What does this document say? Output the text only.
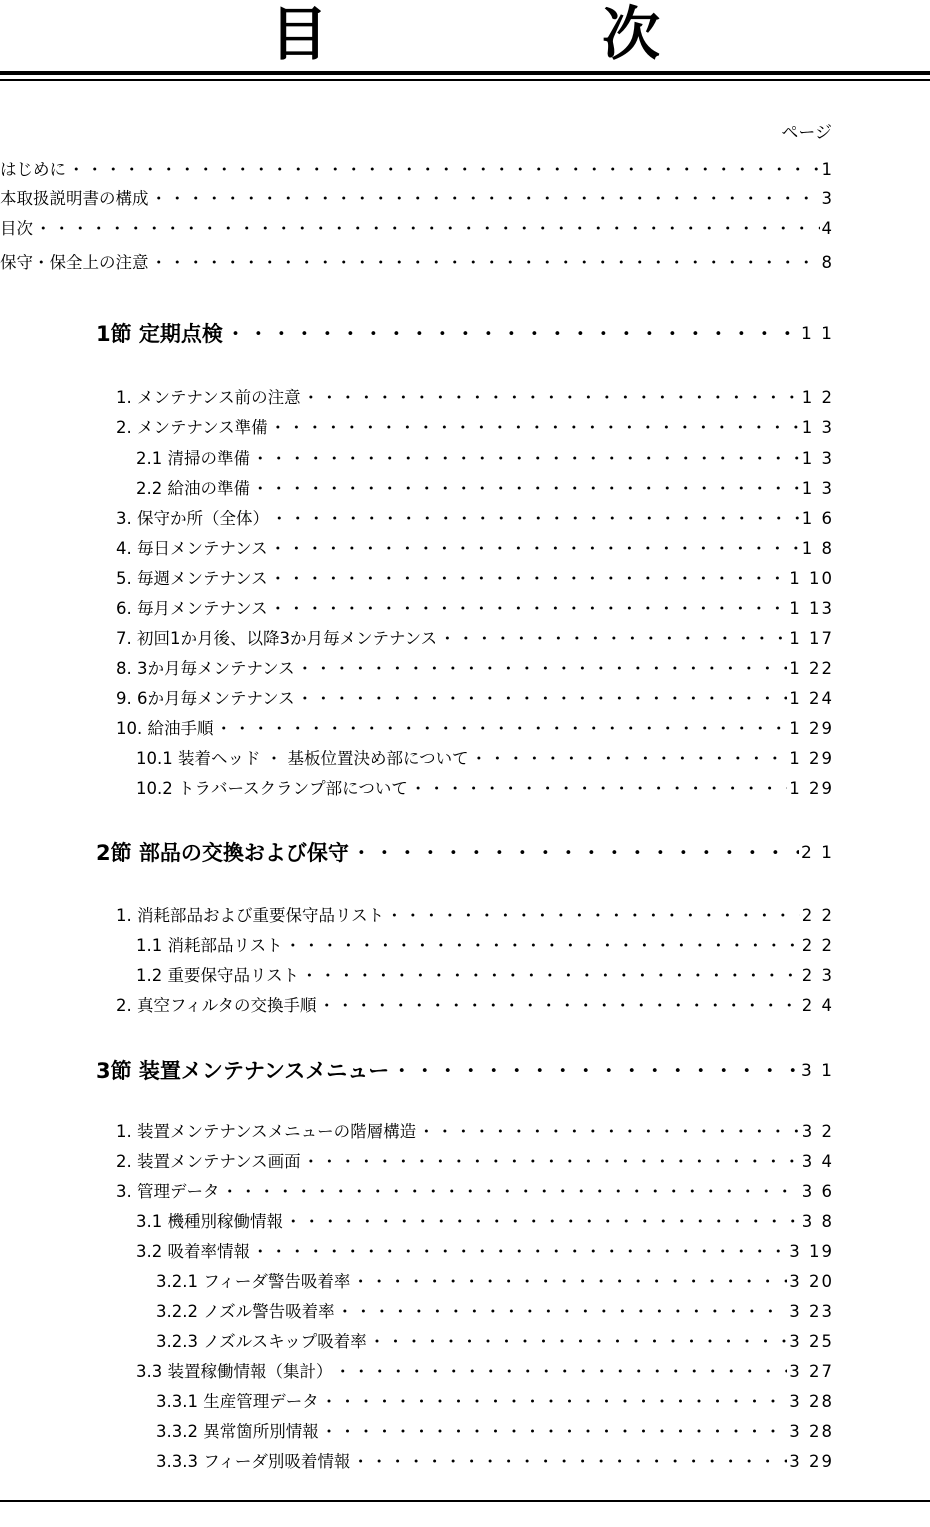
目　次
ページ
はじめに ・・・・・・・・・・・・・・・・・・・・・・・・・・・・・・・・・・・・・・・・・・・・・・・・・・・・・・・・・・・・・・・・・・・・・・・・・・・・・・・・・・・・・・・・・・・・・・・・・・・・・・・・・・・・・・・・・・・・・・・・・・・・・・	1
本取扱説明書の構成 ・・・・・・・・・・・・・・・・・・・・・・・・・・・・・・・・・・・・・・・・・・・・・・・・・・・・・・・・・・・・・・・・・・・・・・・・・・・・・・・・・・・・・・・・・・・・・・・・・・・・・・・・・・・・・・・・・・・・・・・・・・・・・・	3
目次 ・・・・・・・・・・・・・・・・・・・・・・・・・・・・・・・・・・・・・・・・・・・・・・・・・・・・・・・・・・・・・・・・・・・・・・・・・・・・・・・・・・・・・・・・・・・・・・・・・・・・・・・・・・・・・・・・・・・・・・・・・・・・・・	4
保守・保全上の注意 ・・・・・・・・・・・・・・・・・・・・・・・・・・・・・・・・・・・・・・・・・・・・・・・・・・・・・・・・・・・・・・・・・・・・・・・・・・・・・・・・・・・・・・・・・・・・・・・・・・・・・・・・・・・・・・・・・・・・・・・・・・・・・・	8
1節 定期点検 ・・・・・・・・・・・・・・・・・・・・・・・・・・・・・・・・・・・・・・・・・・・・・・・・・・・・・・・・・・・・・・・・・・・・・・・・・・・・・・・・・・・・・・・・・・・・・・・・・・・・・・・・・・・・・・・・・・・・・・・・・・・・・・	1 1
1. メンテナンス前の注意 ・・・・・・・・・・・・・・・・・・・・・・・・・・・・・・・・・・・・・・・・・・・・・・・・・・・・・・・・・・・・・・・・・・・・・・・・・・・・・・・・・・・・・・・・・・・・・・・・・・・・・・・・・・・・・・・・・・・・・・・・・・・・・・	1 2
2. メンテナンス準備 ・・・・・・・・・・・・・・・・・・・・・・・・・・・・・・・・・・・・・・・・・・・・・・・・・・・・・・・・・・・・・・・・・・・・・・・・・・・・・・・・・・・・・・・・・・・・・・・・・・・・・・・・・・・・・・・・・・・・・・・・・・・・・・	1 3
2.1 清掃の準備 ・・・・・・・・・・・・・・・・・・・・・・・・・・・・・・・・・・・・・・・・・・・・・・・・・・・・・・・・・・・・・・・・・・・・・・・・・・・・・・・・・・・・・・・・・・・・・・・・・・・・・・・・・・・・・・・・・・・・・・・・・・・・・・	1 3
2.2 給油の準備 ・・・・・・・・・・・・・・・・・・・・・・・・・・・・・・・・・・・・・・・・・・・・・・・・・・・・・・・・・・・・・・・・・・・・・・・・・・・・・・・・・・・・・・・・・・・・・・・・・・・・・・・・・・・・・・・・・・・・・・・・・・・・・・	1 3
3. 保守か所（全体） ・・・・・・・・・・・・・・・・・・・・・・・・・・・・・・・・・・・・・・・・・・・・・・・・・・・・・・・・・・・・・・・・・・・・・・・・・・・・・・・・・・・・・・・・・・・・・・・・・・・・・・・・・・・・・・・・・・・・・・・・・・・・・・	1 6
4. 毎日メンテナンス ・・・・・・・・・・・・・・・・・・・・・・・・・・・・・・・・・・・・・・・・・・・・・・・・・・・・・・・・・・・・・・・・・・・・・・・・・・・・・・・・・・・・・・・・・・・・・・・・・・・・・・・・・・・・・・・・・・・・・・・・・・・・・・	1 8
5. 毎週メンテナンス ・・・・・・・・・・・・・・・・・・・・・・・・・・・・・・・・・・・・・・・・・・・・・・・・・・・・・・・・・・・・・・・・・・・・・・・・・・・・・・・・・・・・・・・・・・・・・・・・・・・・・・・・・・・・・・・・・・・・・・・・・・・・・・	1 10
6. 毎月メンテナンス ・・・・・・・・・・・・・・・・・・・・・・・・・・・・・・・・・・・・・・・・・・・・・・・・・・・・・・・・・・・・・・・・・・・・・・・・・・・・・・・・・・・・・・・・・・・・・・・・・・・・・・・・・・・・・・・・・・・・・・・・・・・・・・	1 13
7. 初回1か月後、以降3か月毎メンテナンス ・・・・・・・・・・・・・・・・・・・・・・・・・・・・・・・・・・・・・・・・・・・・・・・・・・・・・・・・・・・・・・・・・・・・・・・・・・・・・・・・・・・・・・・・・・・・・・・・・・・・・・・・・・・・・・・・・・・・・・・・・・・・・・	1 17
8. 3か月毎メンテナンス ・・・・・・・・・・・・・・・・・・・・・・・・・・・・・・・・・・・・・・・・・・・・・・・・・・・・・・・・・・・・・・・・・・・・・・・・・・・・・・・・・・・・・・・・・・・・・・・・・・・・・・・・・・・・・・・・・・・・・・・・・・・・・・	1 22
9. 6か月毎メンテナンス ・・・・・・・・・・・・・・・・・・・・・・・・・・・・・・・・・・・・・・・・・・・・・・・・・・・・・・・・・・・・・・・・・・・・・・・・・・・・・・・・・・・・・・・・・・・・・・・・・・・・・・・・・・・・・・・・・・・・・・・・・・・・・・	1 24
10. 給油手順 ・・・・・・・・・・・・・・・・・・・・・・・・・・・・・・・・・・・・・・・・・・・・・・・・・・・・・・・・・・・・・・・・・・・・・・・・・・・・・・・・・・・・・・・・・・・・・・・・・・・・・・・・・・・・・・・・・・・・・・・・・・・・・・	1 29
10.1 装着ヘッド ・ 基板位置決め部について ・・・・・・・・・・・・・・・・・・・・・・・・・・・・・・・・・・・・・・・・・・・・・・・・・・・・・・・・・・・・・・・・・・・・・・・・・・・・・・・・・・・・・・・・・・・・・・・・・・・・・・・・・・・・・・・・・・・・・・・・・・・・・・	1 29
10.2 トラバースクランプ部について ・・・・・・・・・・・・・・・・・・・・・・・・・・・・・・・・・・・・・・・・・・・・・・・・・・・・・・・・・・・・・・・・・・・・・・・・・・・・・・・・・・・・・・・・・・・・・・・・・・・・・・・・・・・・・・・・・・・・・・・・・・・・・・	1 29
2節 部品の交換および保守 ・・・・・・・・・・・・・・・・・・・・・・・・・・・・・・・・・・・・・・・・・・・・・・・・・・・・・・・・・・・・・・・・・・・・・・・・・・・・・・・・・・・・・・・・・・・・・・・・・・・・・・・・・・・・・・・・・・・・・・・・・・・・・・	2 1
1. 消耗部品および重要保守品リスト ・・・・・・・・・・・・・・・・・・・・・・・・・・・・・・・・・・・・・・・・・・・・・・・・・・・・・・・・・・・・・・・・・・・・・・・・・・・・・・・・・・・・・・・・・・・・・・・・・・・・・・・・・・・・・・・・・・・・・・・・・・・・・・	2 2
1.1 消耗部品リスト ・・・・・・・・・・・・・・・・・・・・・・・・・・・・・・・・・・・・・・・・・・・・・・・・・・・・・・・・・・・・・・・・・・・・・・・・・・・・・・・・・・・・・・・・・・・・・・・・・・・・・・・・・・・・・・・・・・・・・・・・・・・・・・	2 2
1.2 重要保守品リスト ・・・・・・・・・・・・・・・・・・・・・・・・・・・・・・・・・・・・・・・・・・・・・・・・・・・・・・・・・・・・・・・・・・・・・・・・・・・・・・・・・・・・・・・・・・・・・・・・・・・・・・・・・・・・・・・・・・・・・・・・・・・・・・	2 3
2. 真空フィルタの交換手順 ・・・・・・・・・・・・・・・・・・・・・・・・・・・・・・・・・・・・・・・・・・・・・・・・・・・・・・・・・・・・・・・・・・・・・・・・・・・・・・・・・・・・・・・・・・・・・・・・・・・・・・・・・・・・・・・・・・・・・・・・・・・・・・	2 4
3節 装置メンテナンスメニュー ・・・・・・・・・・・・・・・・・・・・・・・・・・・・・・・・・・・・・・・・・・・・・・・・・・・・・・・・・・・・・・・・・・・・・・・・・・・・・・・・・・・・・・・・・・・・・・・・・・・・・・・・・・・・・・・・・・・・・・・・・・・・・・	3 1
1. 装置メンテナンスメニューの階層構造 ・・・・・・・・・・・・・・・・・・・・・・・・・・・・・・・・・・・・・・・・・・・・・・・・・・・・・・・・・・・・・・・・・・・・・・・・・・・・・・・・・・・・・・・・・・・・・・・・・・・・・・・・・・・・・・・・・・・・・・・・・・・・・・	3 2
2. 装置メンテナンス画面 ・・・・・・・・・・・・・・・・・・・・・・・・・・・・・・・・・・・・・・・・・・・・・・・・・・・・・・・・・・・・・・・・・・・・・・・・・・・・・・・・・・・・・・・・・・・・・・・・・・・・・・・・・・・・・・・・・・・・・・・・・・・・・・	3 4
3. 管理データ ・・・・・・・・・・・・・・・・・・・・・・・・・・・・・・・・・・・・・・・・・・・・・・・・・・・・・・・・・・・・・・・・・・・・・・・・・・・・・・・・・・・・・・・・・・・・・・・・・・・・・・・・・・・・・・・・・・・・・・・・・・・・・・	3 6
3.1 機種別稼働情報 ・・・・・・・・・・・・・・・・・・・・・・・・・・・・・・・・・・・・・・・・・・・・・・・・・・・・・・・・・・・・・・・・・・・・・・・・・・・・・・・・・・・・・・・・・・・・・・・・・・・・・・・・・・・・・・・・・・・・・・・・・・・・・・	3 8
3.2 吸着率情報 ・・・・・・・・・・・・・・・・・・・・・・・・・・・・・・・・・・・・・・・・・・・・・・・・・・・・・・・・・・・・・・・・・・・・・・・・・・・・・・・・・・・・・・・・・・・・・・・・・・・・・・・・・・・・・・・・・・・・・・・・・・・・・・	3 19
3.2.1 フィーダ警告吸着率 ・・・・・・・・・・・・・・・・・・・・・・・・・・・・・・・・・・・・・・・・・・・・・・・・・・・・・・・・・・・・・・・・・・・・・・・・・・・・・・・・・・・・・・・・・・・・・・・・・・・・・・・・・・・・・・・・・・・・・・・・・・・・・・	3 20
3.2.2 ノズル警告吸着率 ・・・・・・・・・・・・・・・・・・・・・・・・・・・・・・・・・・・・・・・・・・・・・・・・・・・・・・・・・・・・・・・・・・・・・・・・・・・・・・・・・・・・・・・・・・・・・・・・・・・・・・・・・・・・・・・・・・・・・・・・・・・・・・	3 23
3.2.3 ノズルスキップ吸着率 ・・・・・・・・・・・・・・・・・・・・・・・・・・・・・・・・・・・・・・・・・・・・・・・・・・・・・・・・・・・・・・・・・・・・・・・・・・・・・・・・・・・・・・・・・・・・・・・・・・・・・・・・・・・・・・・・・・・・・・・・・・・・・・	3 25
3.3 装置稼働情報（集計） ・・・・・・・・・・・・・・・・・・・・・・・・・・・・・・・・・・・・・・・・・・・・・・・・・・・・・・・・・・・・・・・・・・・・・・・・・・・・・・・・・・・・・・・・・・・・・・・・・・・・・・・・・・・・・・・・・・・・・・・・・・・・・・	3 27
3.3.1 生産管理データ ・・・・・・・・・・・・・・・・・・・・・・・・・・・・・・・・・・・・・・・・・・・・・・・・・・・・・・・・・・・・・・・・・・・・・・・・・・・・・・・・・・・・・・・・・・・・・・・・・・・・・・・・・・・・・・・・・・・・・・・・・・・・・・	3 28
3.3.2 異常箇所別情報 ・・・・・・・・・・・・・・・・・・・・・・・・・・・・・・・・・・・・・・・・・・・・・・・・・・・・・・・・・・・・・・・・・・・・・・・・・・・・・・・・・・・・・・・・・・・・・・・・・・・・・・・・・・・・・・・・・・・・・・・・・・・・・・	3 28
3.3.3 フィーダ別吸着情報 ・・・・・・・・・・・・・・・・・・・・・・・・・・・・・・・・・・・・・・・・・・・・・・・・・・・・・・・・・・・・・・・・・・・・・・・・・・・・・・・・・・・・・・・・・・・・・・・・・・・・・・・・・・・・・・・・・・・・・・・・・・・・・・	3 29
